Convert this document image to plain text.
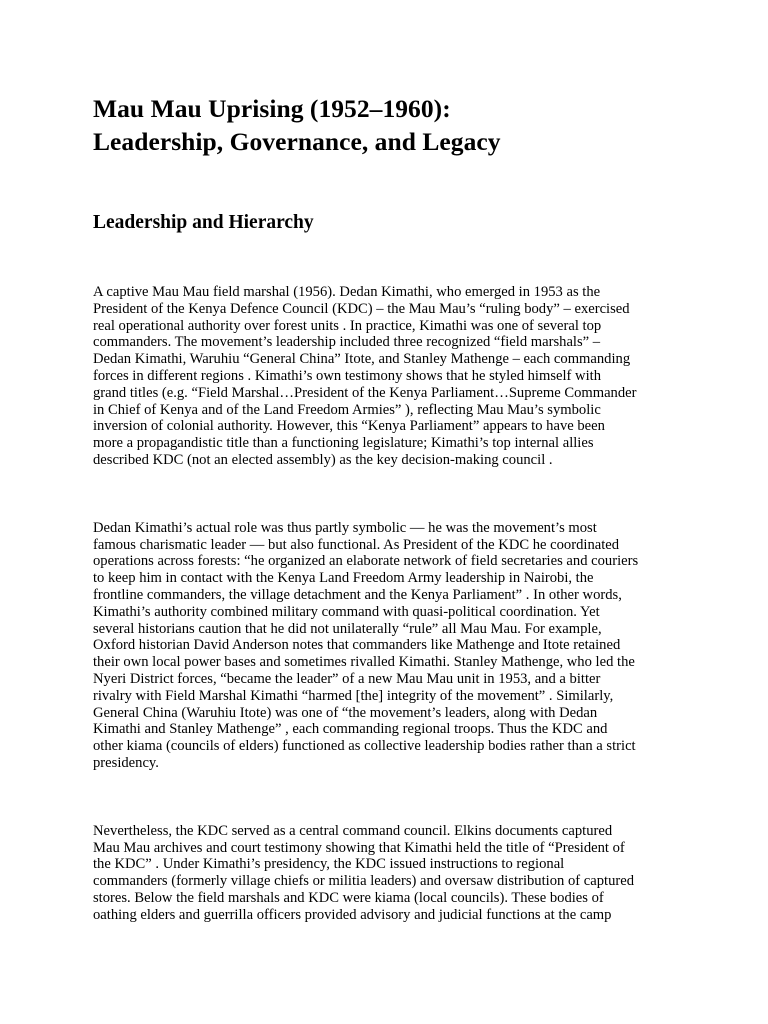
Mau Mau Uprising (1952–1960):
Leadership, Governance, and Legacy
Leadership and Hierarchy

A captive Mau Mau field marshal (1956). Dedan Kimathi, who emerged in 1953 as the
President of the Kenya Defence Council (KDC) – the Mau Mau’s “ruling body” – exercised
real operational authority over forest units . In practice, Kimathi was one of several top
commanders. The movement’s leadership included three recognized “field marshals” –
Dedan Kimathi, Waruhiu “General China” Itote, and Stanley Mathenge – each commanding
forces in different regions . Kimathi’s own testimony shows that he styled himself with
grand titles (e.g. “Field Marshal…President of the Kenya Parliament…Supreme Commander
in Chief of Kenya and of the Land Freedom Armies” ), reflecting Mau Mau’s symbolic
inversion of colonial authority. However, this “Kenya Parliament” appears to have been
more a propagandistic title than a functioning legislature; Kimathi’s top internal allies
described KDC (not an elected assembly) as the key decision-making council .

Dedan Kimathi’s actual role was thus partly symbolic — he was the movement’s most
famous charismatic leader — but also functional. As President of the KDC he coordinated
operations across forests: “he organized an elaborate network of field secretaries and couriers
to keep him in contact with the Kenya Land Freedom Army leadership in Nairobi, the
frontline commanders, the village detachment and the Kenya Parliament” . In other words,
Kimathi’s authority combined military command with quasi-political coordination. Yet
several historians caution that he did not unilaterally “rule” all Mau Mau. For example,
Oxford historian David Anderson notes that commanders like Mathenge and Itote retained
their own local power bases and sometimes rivalled Kimathi. Stanley Mathenge, who led the
Nyeri District forces, “became the leader” of a new Mau Mau unit in 1953, and a bitter
rivalry with Field Marshal Kimathi “harmed [the] integrity of the movement” . Similarly,
General China (Waruhiu Itote) was one of “the movement’s leaders, along with Dedan
Kimathi and Stanley Mathenge” , each commanding regional troops. Thus the KDC and
other kiama (councils of elders) functioned as collective leadership bodies rather than a strict
presidency.

Nevertheless, the KDC served as a central command council. Elkins documents captured
Mau Mau archives and court testimony showing that Kimathi held the title of “President of
the KDC” . Under Kimathi’s presidency, the KDC issued instructions to regional
commanders (formerly village chiefs or militia leaders) and oversaw distribution of captured
stores. Below the field marshals and KDC were kiama (local councils). These bodies of
oathing elders and guerrilla officers provided advisory and judicial functions at the camp
